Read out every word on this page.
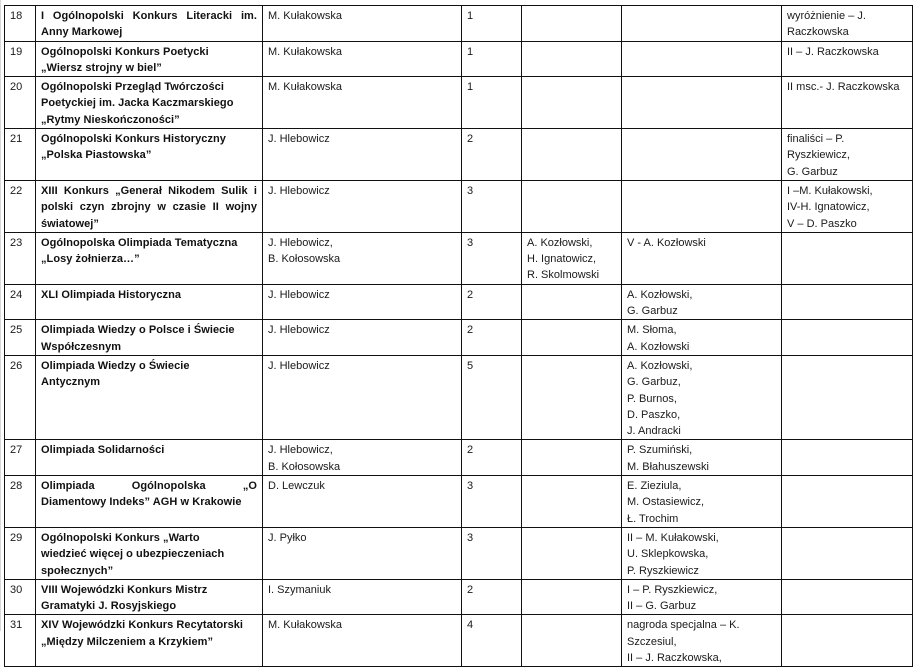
18	I Ogólnopolski Konkurs Literacki im.
Anny Markowej	M. Kułakowska	1			wyróżnienie – J.
Raczkowska

19	Ogólnopolski Konkurs Poetycki
„Wiersz strojny w biel”	M. Kułakowska	1			II – J. Raczkowska

20	Ogólnopolski Przegląd Twórczości
Poetyckiej im. Jacka Kaczmarskiego
„Rytmy Nieskończoności”	M. Kułakowska	1			II msc.- J. Raczkowska

21	Ogólnopolski Konkurs Historyczny
„Polska Piastowska”	J. Hlebowicz	2			finaliści – P.
Ryszkiewicz,
G. Garbuz

22	XIII Konkurs „Generał Nikodem Sulik i
polski czyn zbrojny w czasie II wojny
światowej”	J. Hlebowicz	3			I –M. Kułakowski,
IV-H. Ignatowicz,
V – D. Paszko

23	Ogólnopolska Olimpiada Tematyczna
„Losy żołnierza…”	J. Hlebowicz,
B. Kołosowska	3	A. Kozłowski,
H. Ignatowicz,
R. Skolmowski	V - A. Kozłowski	

24	XLI Olimpiada Historyczna	J. Hlebowicz	2		A. Kozłowski,
G. Garbuz	

25	Olimpiada Wiedzy o Polsce i Świecie
Współczesnym	J. Hlebowicz	2		M. Słoma,
A. Kozłowski	

26	Olimpiada Wiedzy o Świecie
Antycznym	J. Hlebowicz	5		A. Kozłowski,
G. Garbuz,
P. Burnos,
D. Paszko,
J. Andracki	

27	Olimpiada Solidarności	J. Hlebowicz,
B. Kołosowska	2		P. Szumiński,
M. Błahuszewski	

28	Olimpiada Ogólnopolska „O
Diamentowy Indeks” AGH w Krakowie	D. Lewczuk	3		E. Zieziula,
M. Ostasiewicz,
Ł. Trochim	

29	Ogólnopolski Konkurs „Warto
wiedzieć więcej o ubezpieczeniach
społecznych”	J. Pyłko	3		II – M. Kułakowski,
U. Sklepkowska,
P. Ryszkiewicz	

30	VIII Wojewódzki Konkurs Mistrz
Gramatyki J. Rosyjskiego	I. Szymaniuk	2		I – P. Ryszkiewicz,
II – G. Garbuz	

31	XIV Wojewódzki Konkurs Recytatorski
„Między Milczeniem a Krzykiem”	M. Kułakowska	4		nagroda specjalna – K.
Szczesiul,
II – J. Raczkowska,	
